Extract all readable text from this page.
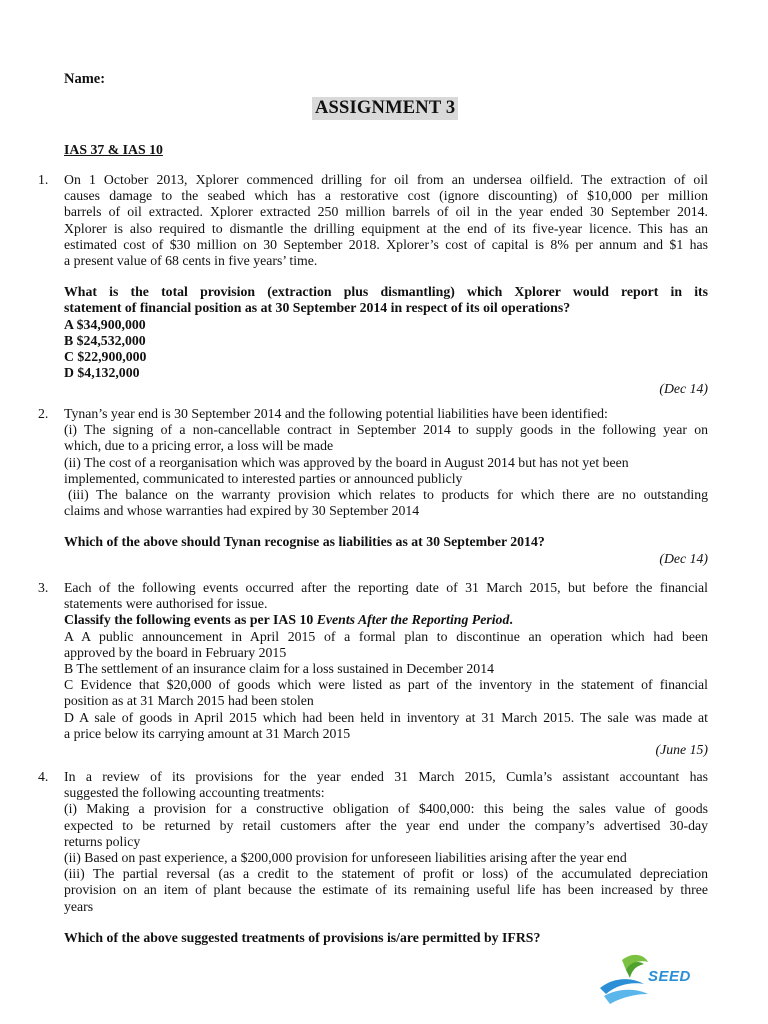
Name:
ASSIGNMENT 3
IAS 37 & IAS 10
1. On 1 October 2013, Xplorer commenced drilling for oil from an undersea oilfield. The extraction of oil
causes damage to the seabed which has a restorative cost (ignore discounting) of $10,000 per million
barrels of oil extracted. Xplorer extracted 250 million barrels of oil in the year ended 30 September 2014.
Xplorer is also required to dismantle the drilling equipment at the end of its five-year licence. This has an
estimated cost of $30 million on 30 September 2018. Xplorer’s cost of capital is 8% per annum and $1 has
a present value of 68 cents in five years’ time.
What is the total provision (extraction plus dismantling) which Xplorer would report in its
statement of financial position as at 30 September 2014 in respect of its oil operations?
A $34,900,000
B $24,532,000
C $22,900,000
D $4,132,000
(Dec 14)
2. Tynan’s year end is 30 September 2014 and the following potential liabilities have been identified:
(i) The signing of a non-cancellable contract in September 2014 to supply goods in the following year on
which, due to a pricing error, a loss will be made
(ii) The cost of a reorganisation which was approved by the board in August 2014 but has not yet been
implemented, communicated to interested parties or announced publicly
(iii) The balance on the warranty provision which relates to products for which there are no outstanding
claims and whose warranties had expired by 30 September 2014
Which of the above should Tynan recognise as liabilities as at 30 September 2014?
(Dec 14)
3. Each of the following events occurred after the reporting date of 31 March 2015, but before the financial
statements were authorised for issue.
Classify the following events as per IAS 10 Events After the Reporting Period.
A A public announcement in April 2015 of a formal plan to discontinue an operation which had been
approved by the board in February 2015
B The settlement of an insurance claim for a loss sustained in December 2014
C Evidence that $20,000 of goods which were listed as part of the inventory in the statement of financial
position as at 31 March 2015 had been stolen
D A sale of goods in April 2015 which had been held in inventory at 31 March 2015. The sale was made at
a price below its carrying amount at 31 March 2015
(June 15)
4. In a review of its provisions for the year ended 31 March 2015, Cumla’s assistant accountant has
suggested the following accounting treatments:
(i) Making a provision for a constructive obligation of $400,000: this being the sales value of goods
expected to be returned by retail customers after the year end under the company’s advertised 30-day
returns policy
(ii) Based on past experience, a $200,000 provision for unforeseen liabilities arising after the year end
(iii) The partial reversal (as a credit to the statement of profit or loss) of the accumulated depreciation
provision on an item of plant because the estimate of its remaining useful life has been increased by three
years
Which of the above suggested treatments of provisions is/are permitted by IFRS?
SEED
